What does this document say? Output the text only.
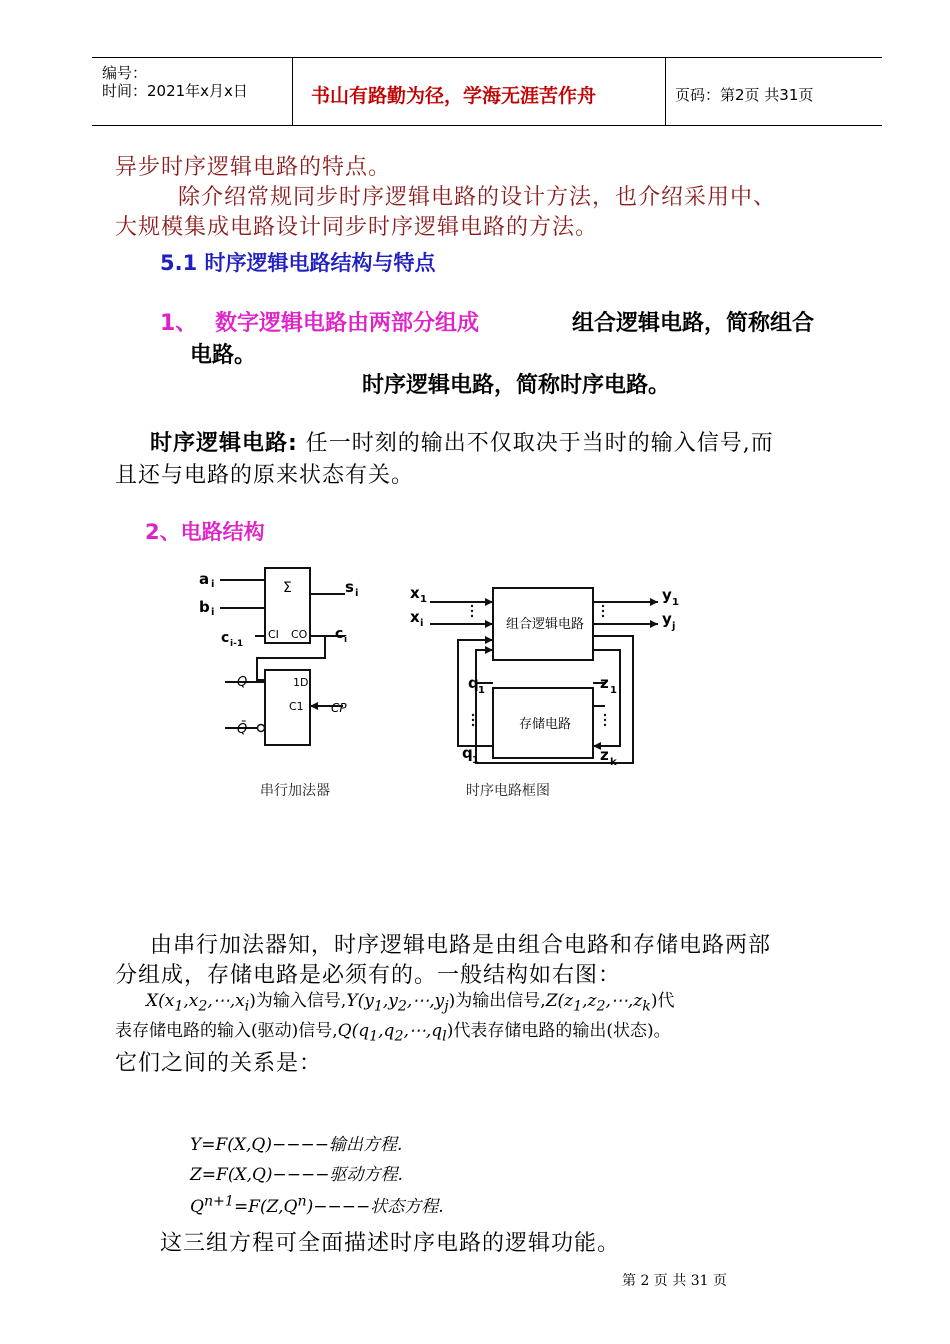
编号：
时间：2021年x月x日	书山有路勤为径，学海无涯苦作舟	页码：第2页 共31页
异步时序逻辑电路的特点。
除介绍常规同步时序逻辑电路的设计方法，也介绍采用中、
大规模集成电路设计同步时序逻辑电路的方法。
5.1 时序逻辑电路结构与特点
1、 数字逻辑电路由两部分组成	组合逻辑电路，简称组合
电路。
时序逻辑电路，简称时序电路。
时序逻辑电路: 任一时刻的输出不仅取决于当时的输入信号,而
且还与电路的原来状态有关。
2、电路结构
a i
b i
Σ	s i
c i-1
CI CO c i
1D
C1
Q
CP
Q̄
串行加法器
x 1
x i	组合逻辑电路
存储电路
y 1
y j
q 1
q 1
z 1
z k
时序电路框图
由串行加法器知，时序逻辑电路是由组合电路和存储电路两部
分组成，存储电路是必须有的。一般结构如右图：
$X(x_1,x_2,\cdots,x_i)$为输入信号$,Y(y_1,y_2,\cdots,y_j)$为输出信号$,Z(z_1,z_2,\cdots,z_k)$代
表存储电路的输入(驱动)信号$,Q(q_1,q_2,\cdots,q_l)$代表存储电路的输出(状态)。
它们之间的关系是：
Y=F(X,Q)−−−−输出方程.
Z=F(X,Q)−−−−驱动方程.
$Q^{n+1}=F(Z,Q^n)----$状态方程.
这三组方程可全面描述时序电路的逻辑功能。
第 2 页 共 31 页
